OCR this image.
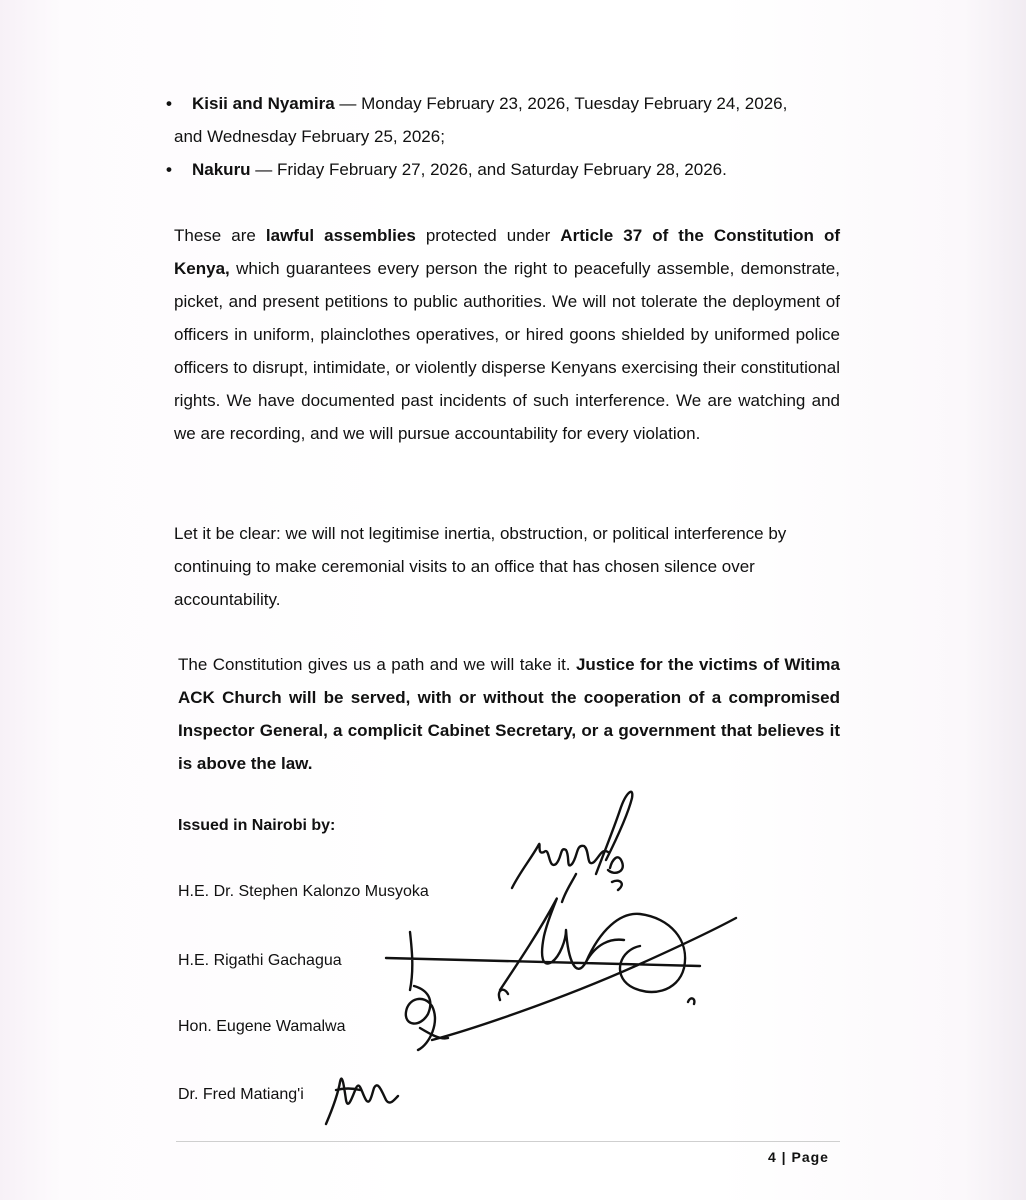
• Kisii and Nyamira — Monday February 23, 2026, Tuesday February 24, 2026,
and Wednesday February 25, 2026;
• Nakuru — Friday February 27, 2026, and Saturday February 28, 2026.
These are lawful assemblies protected under Article 37 of the Constitution of Kenya, which guarantees every person the right to peacefully assemble, demonstrate, picket, and present petitions to public authorities. We will not tolerate the deployment of officers in uniform, plainclothes operatives, or hired goons shielded by uniformed police officers to disrupt, intimidate, or violently disperse Kenyans exercising their constitutional rights. We have documented past incidents of such interference. We are watching and we are recording, and we will pursue accountability for every violation.
Let it be clear: we will not legitimise inertia, obstruction, or political interference by continuing to make ceremonial visits to an office that has chosen silence over accountability.
The Constitution gives us a path and we will take it. Justice for the victims of Witima ACK Church will be served, with or without the cooperation of a compromised Inspector General, a complicit Cabinet Secretary, or a government that believes it is above the law.
Issued in Nairobi by:
H.E. Dr. Stephen Kalonzo Musyoka
H.E. Rigathi Gachagua
Hon. Eugene Wamalwa
Dr. Fred Matiang'i
4 | Page
